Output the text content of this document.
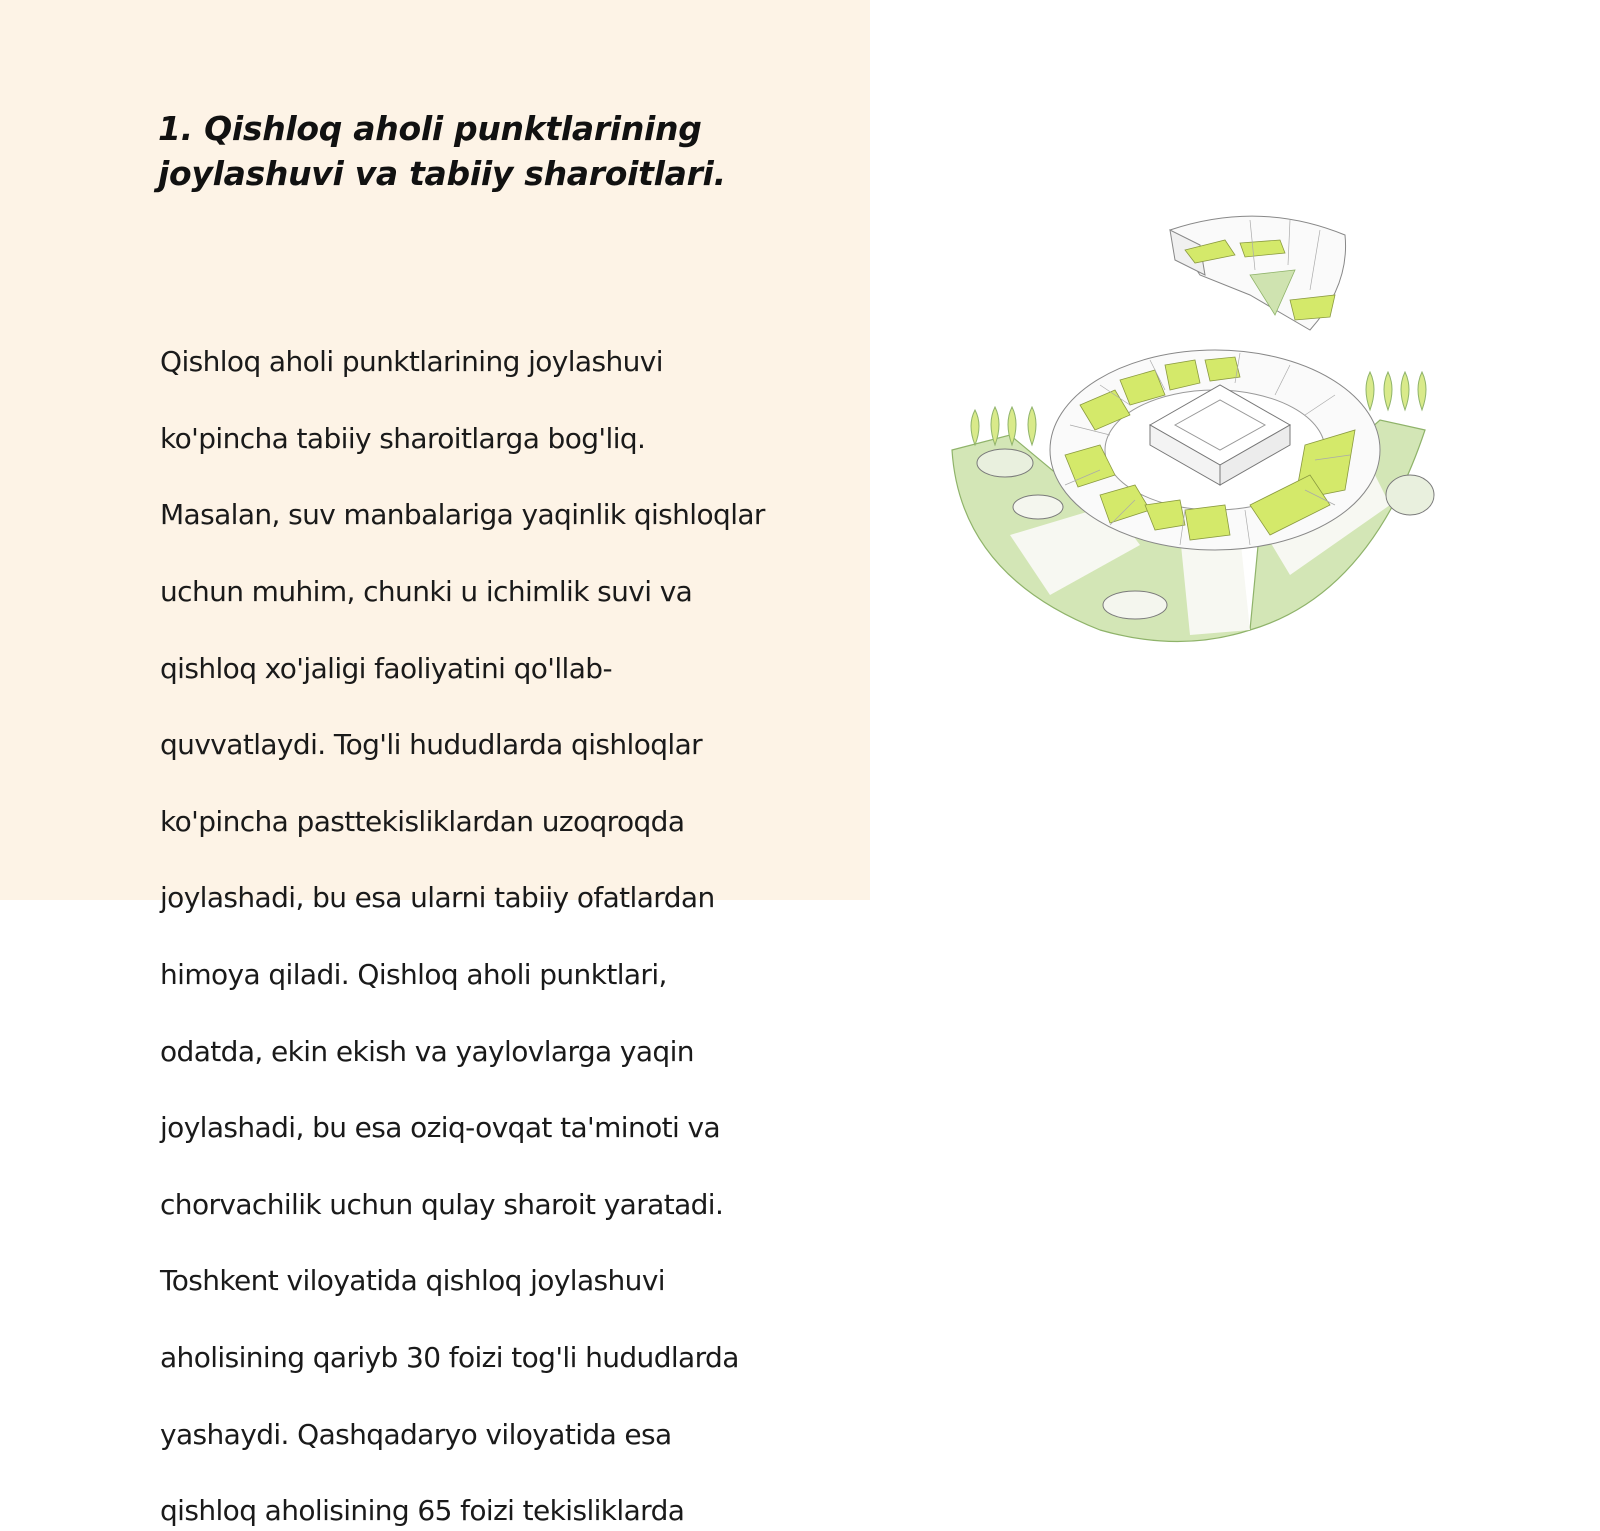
1. Qishloq aholi punktlarining joylashuvi va tabiiy sharoitlari.

Qishloq aholi punktlarining joylashuvi

ko'pincha tabiiy sharoitlarga bog'liq.

Masalan, suv manbalariga yaqinlik qishloqlar

uchun muhim, chunki u ichimlik suvi va

qishloq xo'jaligi faoliyatini qo'llab-

quvvatlaydi. Tog'li hududlarda qishloqlar

ko'pincha pasttekisliklardan uzoqroqda

joylashadi, bu esa ularni tabiiy ofatlardan

himoya qiladi. Qishloq aholi punktlari,

odatda, ekin ekish va yaylovlarga yaqin

joylashadi, bu esa oziq-ovqat ta'minoti va

chorvachilik uchun qulay sharoit yaratadi.

Toshkent viloyatida qishloq joylashuvi

aholisining qariyb 30 foizi tog'li hududlarda

yashaydi. Qashqadaryo viloyatida esa

qishloq aholisining 65 foizi tekisliklarda
